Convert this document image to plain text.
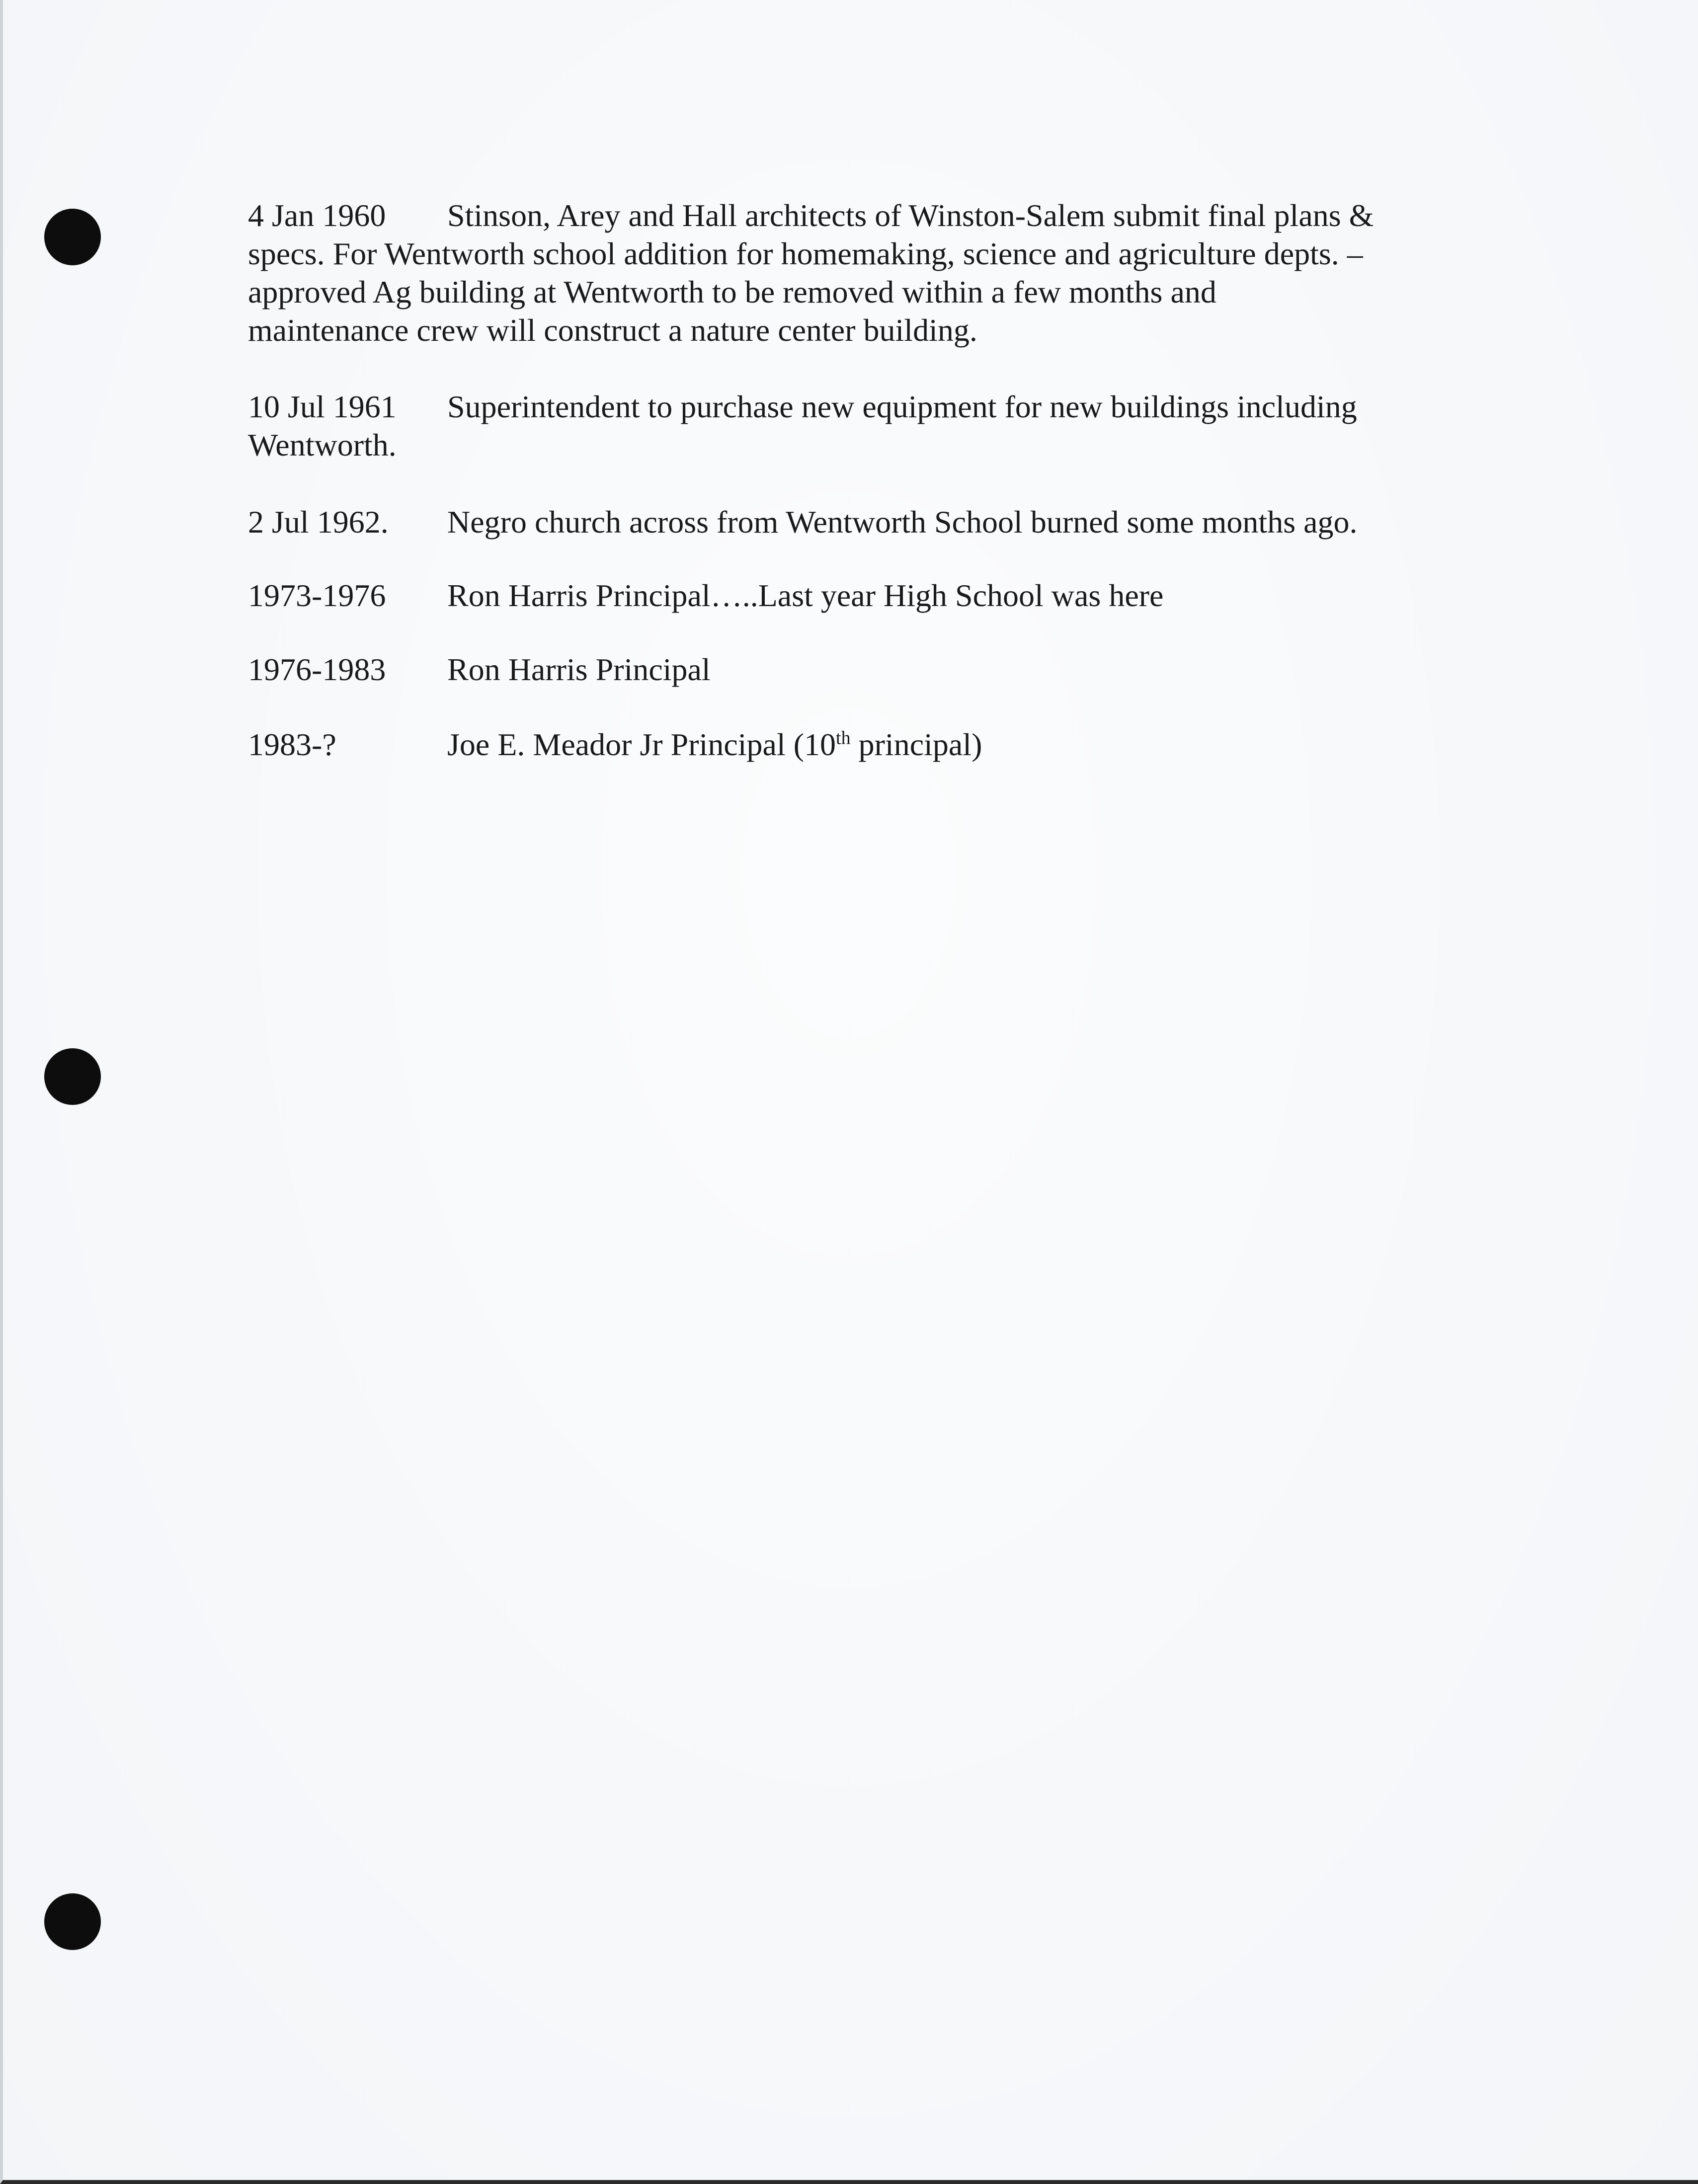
4 Jan 1960 Stinson, Arey and Hall architects of Winston-Salem submit final plans &
specs. For Wentworth school addition for homemaking, science and agriculture depts. –
approved Ag building at Wentworth to be removed within a few months and
maintenance crew will construct a nature center building.
10 Jul 1961 Superintendent to purchase new equipment for new buildings including
Wentworth.
2 Jul 1962. Negro church across from Wentworth School burned some months ago.
1973-1976 Ron Harris Principal…..Last year High School was here
1976-1983 Ron Harris Principal
1983-?	Joe E. Meador Jr Principal (10th principal)
